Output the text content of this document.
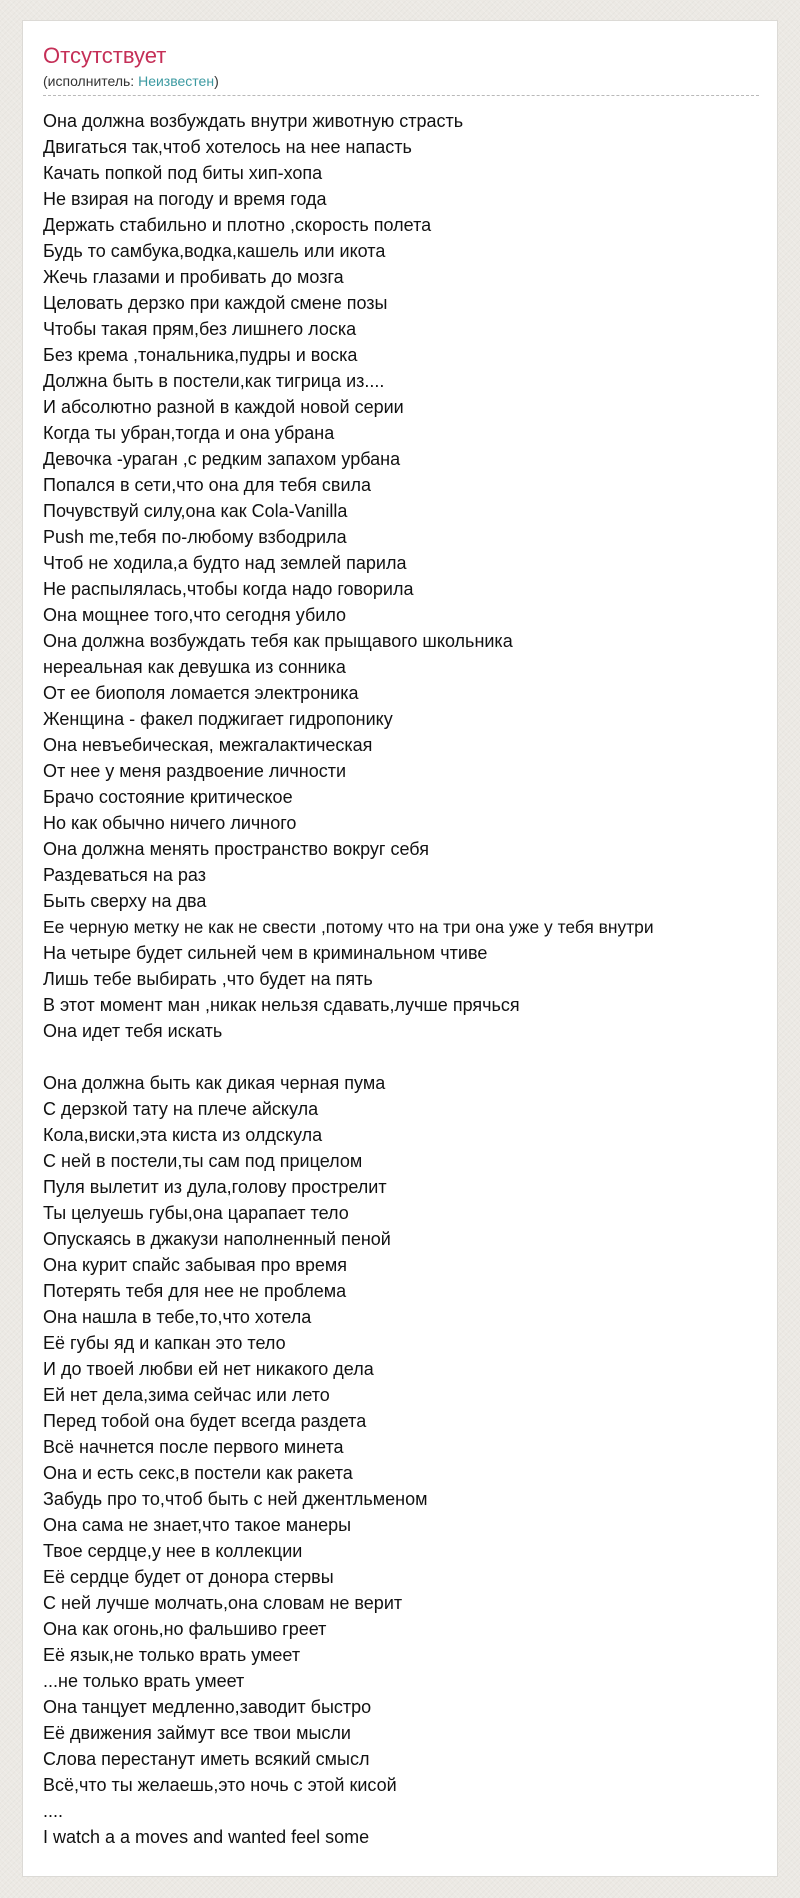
Отсутствует
(исполнитель: Неизвестен)
Она должна возбуждать внутри животную страсть
Двигаться так,чтоб хотелось на нее напасть
Качать попкой под биты хип-хопа
Не взирая на погоду и время года
Держать стабильно и плотно ,скорость полета
Будь то самбука,водка,кашель или икота
Жечь глазами и пробивать до мозга
Целовать дерзко при каждой смене позы
Чтобы такая прям,без лишнего лоска
Без крема ,тональника,пудры и воска
Должна быть в постели,как тигрица из....
И абсолютно разной в каждой новой серии
Когда ты убран,тогда и она убрана
Девочка -ураган ,с редким запахом урбана
Попался в сети,что она для тебя свила
Почувствуй силу,она как Cola-Vanilla
Push me,тебя по-любому взбодрила
Чтоб не ходила,а будто над землей парила
Не распылялась,чтобы когда надо говорила
Она мощнее того,что сегодня убило
Она должна возбуждать тебя как прыщавого школьника
нереальная как девушка из сонника
От ее биополя ломается электроника
Женщина - факел поджигает гидропонику
Она невъебическая, межгалактическая
От нее у меня раздвоение личности
Брачо состояние критическое
Но как обычно ничего личного
Она должна менять пространство вокруг себя
Раздеваться на раз
Быть сверху на два
Ее черную метку не как не свести ,потому что на три она уже у тебя внутри
На четыре будет сильней чем в криминальном чтиве
Лишь тебе выбирать ,что будет на пять
В этот момент ман ,никак нельзя сдавать,лучше прячься
Она идет тебя искать
Она должна быть как дикая черная пума
С дерзкой тату на плече айскула
Кола,виски,эта киста из олдскула
С ней в постели,ты сам под прицелом
Пуля вылетит из дула,голову прострелит
Ты целуешь губы,она царапает тело
Опускаясь в джакузи наполненный пеной
Она курит спайс забывая про время
Потерять тебя для нее не проблема
Она нашла в тебе,то,что хотела
Её губы яд и капкан это тело
И до твоей любви ей нет никакого дела
Ей нет дела,зима сейчас или лето
Перед тобой она будет всегда раздета
Всё начнется после первого минета
Она и есть секс,в постели как ракета
Забудь про то,чтоб быть с ней джентльменом
Она сама не знает,что такое манеры
Твое сердце,у нее в коллекции
Её сердце будет от донора стервы
С ней лучше молчать,она словам не верит
Она как огонь,но фальшиво греет
Её язык,не только врать умеет
...не только врать умеет
Она танцует медленно,заводит быстро
Её движения займут все твои мысли
Слова перестанут иметь всякий смысл
Всё,что ты желаешь,это ночь с этой кисой
....
I watch a a moves and wanted feel some
